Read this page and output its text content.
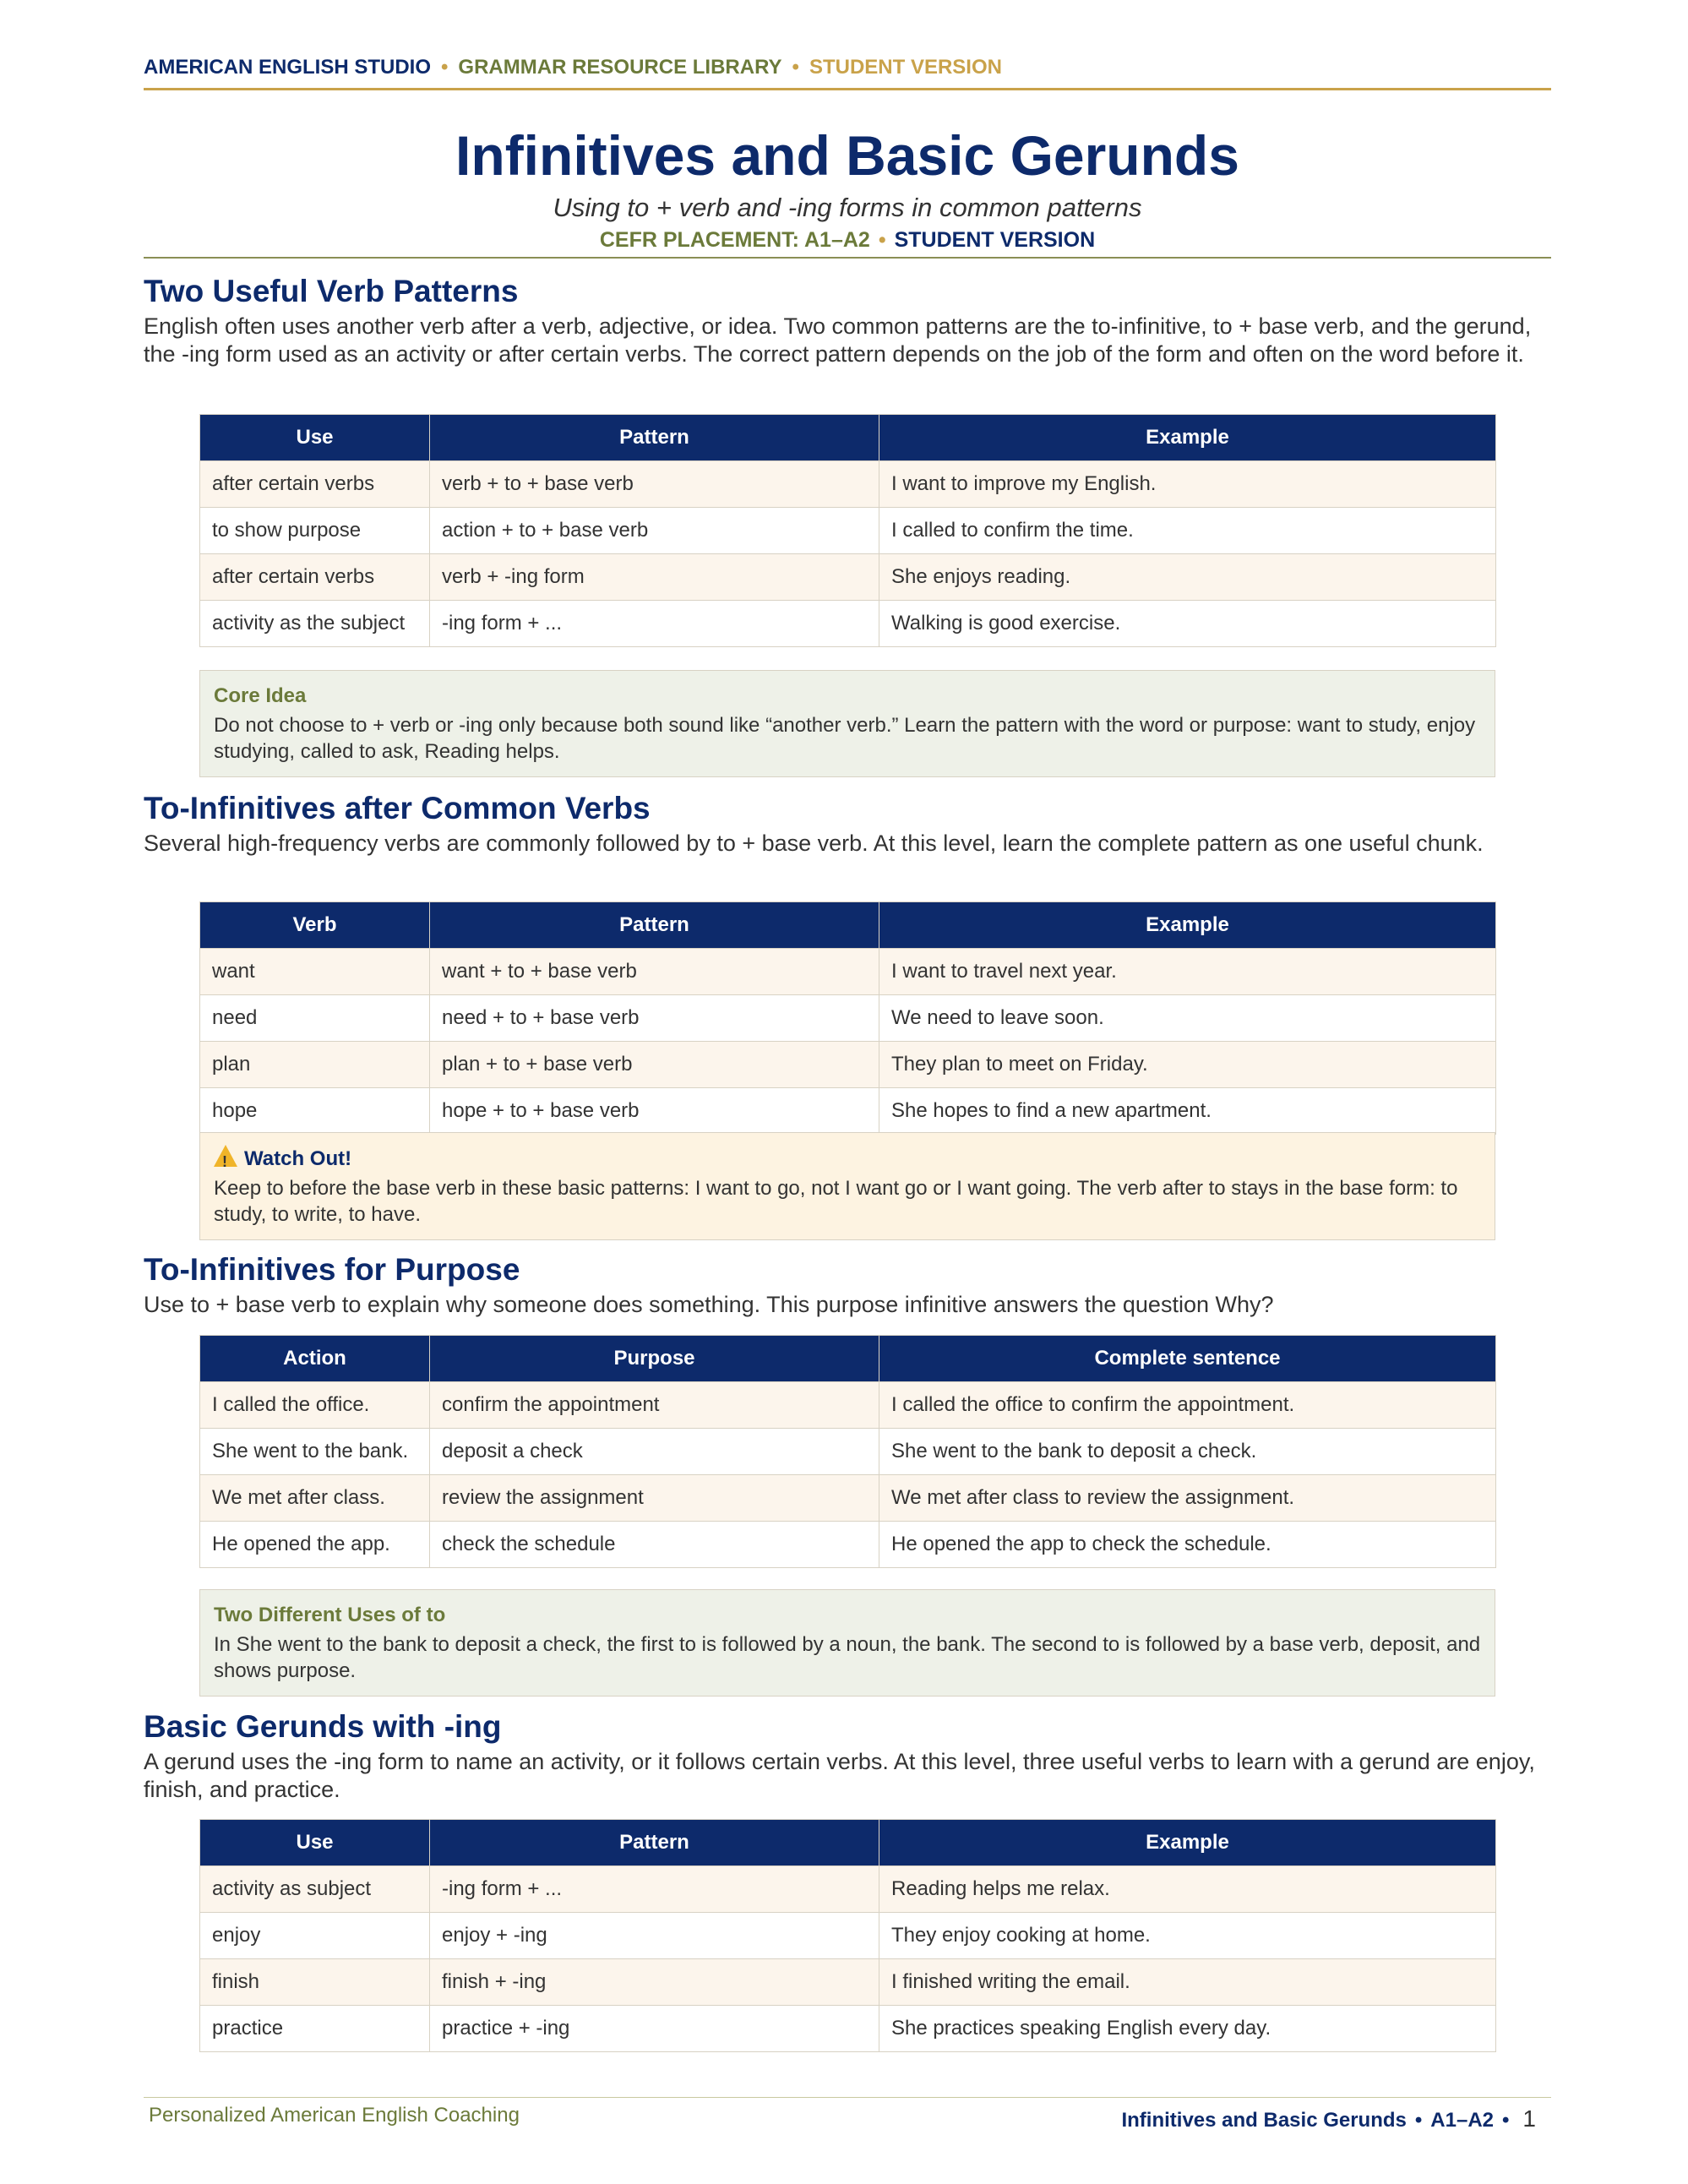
AMERICAN ENGLISH STUDIO • GRAMMAR RESOURCE LIBRARY • STUDENT VERSION
Infinitives and Basic Gerunds
Using to + verb and -ing forms in common patterns
CEFR PLACEMENT: A1–A2 • STUDENT VERSION
Two Useful Verb Patterns

English often uses another verb after a verb, adjective, or idea. Two common patterns are the to-infinitive, to + base verb, and the gerund, the -ing form used as an activity or after certain verbs. The correct pattern depends on the job of the form and often on the word before it.

Use	Pattern	Example
after certain verbs	verb + to + base verb	I want to improve my English.
to show purpose	action + to + base verb	I called to confirm the time.
after certain verbs	verb + -ing form	She enjoys reading.
activity as the subject	-ing form + ...	Walking is good exercise.
Core Idea
Do not choose to + verb or -ing only because both sound like “another verb.” Learn the pattern with the word or purpose: want to study, enjoy studying, called to ask, Reading helps.
To-Infinitives after Common Verbs

Several high-frequency verbs are commonly followed by to + base verb. At this level, learn the complete pattern as one useful chunk.

Verb	Pattern	Example
want	want + to + base verb	I want to travel next year.
need	need + to + base verb	We need to leave soon.
plan	plan + to + base verb	They plan to meet on Friday.
hope	hope + to + base verb	She hopes to find a new apartment.
!Watch Out!
Keep to before the base verb in these basic patterns: I want to go, not I want go or I want going. The verb after to stays in the base form: to study, to write, to have.
To-Infinitives for Purpose

Use to + base verb to explain why someone does something. This purpose infinitive answers the question Why?

Action	Purpose	Complete sentence
I called the office.	confirm the appointment	I called the office to confirm the appointment.
She went to the bank.	deposit a check	She went to the bank to deposit a check.
We met after class.	review the assignment	We met after class to review the assignment.
He opened the app.	check the schedule	He opened the app to check the schedule.
Two Different Uses of to
In She went to the bank to deposit a check, the first to is followed by a noun, the bank. The second to is followed by a base verb, deposit, and shows purpose.
Basic Gerunds with -ing

A gerund uses the -ing form to name an activity, or it follows certain verbs. At this level, three useful verbs to learn with a gerund are enjoy, finish, and practice.

Use	Pattern	Example
activity as subject	-ing form + ...	Reading helps me relax.
enjoy	enjoy + -ing	They enjoy cooking at home.
finish	finish + -ing	I finished writing the email.
practice	practice + -ing	She practices speaking English every day.
Personalized American English Coaching	Infinitives and Basic Gerunds • A1–A2 • 1
